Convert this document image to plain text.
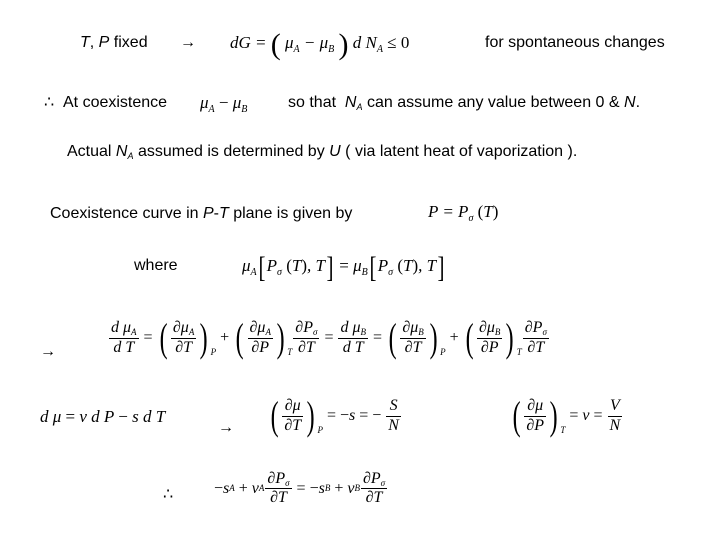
T, P fixed → dG = ( $\mu_A - \mu_B$ ) d $N_A \le 0$	for spontaneous changes
∴ At coexistence $\mu_A - \mu_B$	so that NA can assume any value between 0 & N.
Actual NA assumed is determined by U ( via latent heat of vaporization ).
Coexistence curve in P-T plane is given by	$P = P_\sigma$ (T)
where	$\mu_A[P_\sigma$ (T), $T] = \mu_B[P_\sigma$ (T), T]
→	$\frac{\text{d μA}}{\text{d T}}$ = ( $\frac{\partial\mu A}{\partial T}$ ) P
+ ( $\frac{\partial\mu A}{\partial P}$ ) T $\frac{\partial P\sigma}{\partial T} = \frac{\text{d μB}}{\text{d T}}$ = ( $\frac{\partial\mu B}{\partial T}$ ) P
+ ( $\frac{\partial\mu B}{\partial P}$ ) T $\frac{\partial P\sigma}{\partial T}$
d μ = v d P − s d T
→ ( $\frac{\partial\mu}{\partial T}$ ) P
= − s = − $\frac{S}{N}$	( $\frac{\partial\mu}{\partial P}$ ) T
= $v = \frac{V}{N}$
∴	− s A + v A $\frac{\partial P\sigma}{\partial T}$ = − s B + v B $\frac{\partial P\sigma}{\partial T}$
